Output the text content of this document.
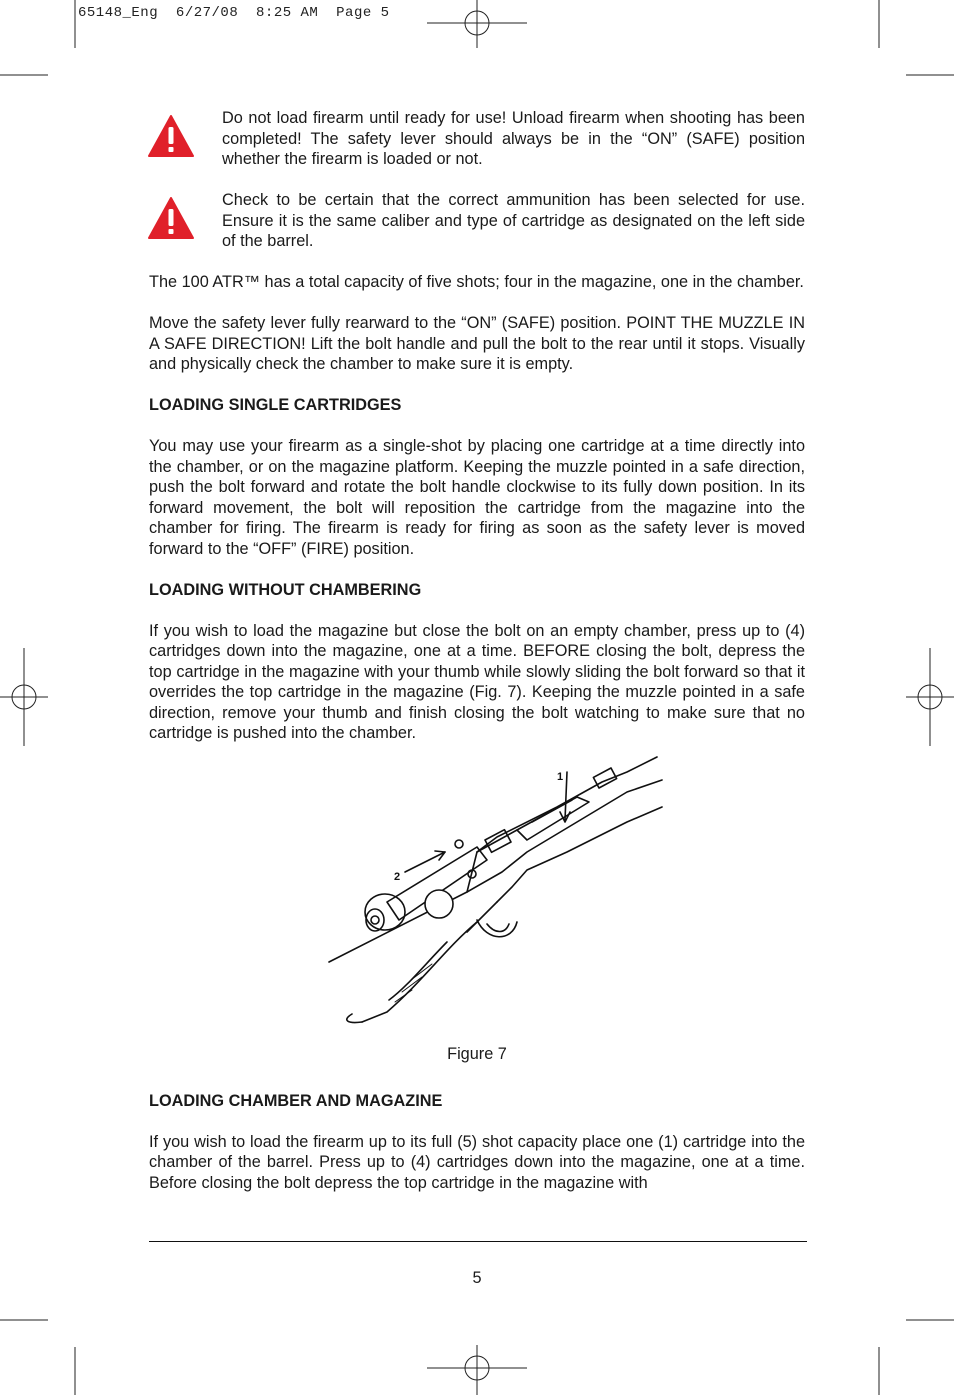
65148_Eng  6/27/08  8:25 AM  Page 5

Do not load firearm until ready for use! Unload firearm when shooting has been completed! The safety lever should always be in the “ON” (SAFE) position whether the firearm is loaded or not.

Check to be certain that the correct ammunition has been selected for use. Ensure it is the same caliber and type of cartridge as designated on the left side of the barrel.

The 100 ATR™ has a total capacity of five shots; four in the magazine, one in the chamber.

Move the safety lever fully rearward to the “ON” (SAFE) position. POINT THE MUZZLE IN A SAFE DIRECTION! Lift the bolt handle and pull the bolt to the rear until it stops. Visually and physically check the chamber to make sure it is empty.

LOADING SINGLE CARTRIDGES

You may use your firearm as a single-shot by placing one cartridge at a time directly into the chamber, or on the magazine platform. Keeping the muzzle pointed in a safe direction, push the bolt forward and rotate the bolt handle clockwise to its fully down position. In its forward movement, the bolt will reposition the cartridge from the magazine into the chamber for firing. The firearm is ready for firing as soon as the safety lever is moved forward to the “OFF” (FIRE) position.

LOADING WITHOUT CHAMBERING

If you wish to load the magazine but close the bolt on an empty chamber, press up to (4) cartridges down into the magazine, one at a time. BEFORE closing the bolt, depress the top cartridge in the magazine with your thumb while slowly sliding the bolt forward so that it overrides the top cartridge in the magazine (Fig. 7). Keeping the muzzle pointed in a safe direction, remove your thumb and finish closing the bolt watching to make sure that no cartridge is pushed into the chamber.

1
2

Figure 7

LOADING CHAMBER AND MAGAZINE

If you wish to load the firearm up to its full (5) shot capacity place one (1) cartridge into the chamber of the barrel. Press up to (4) cartridges down into the magazine, one at a time. Before closing the bolt depress the top cartridge in the magazine with

5
